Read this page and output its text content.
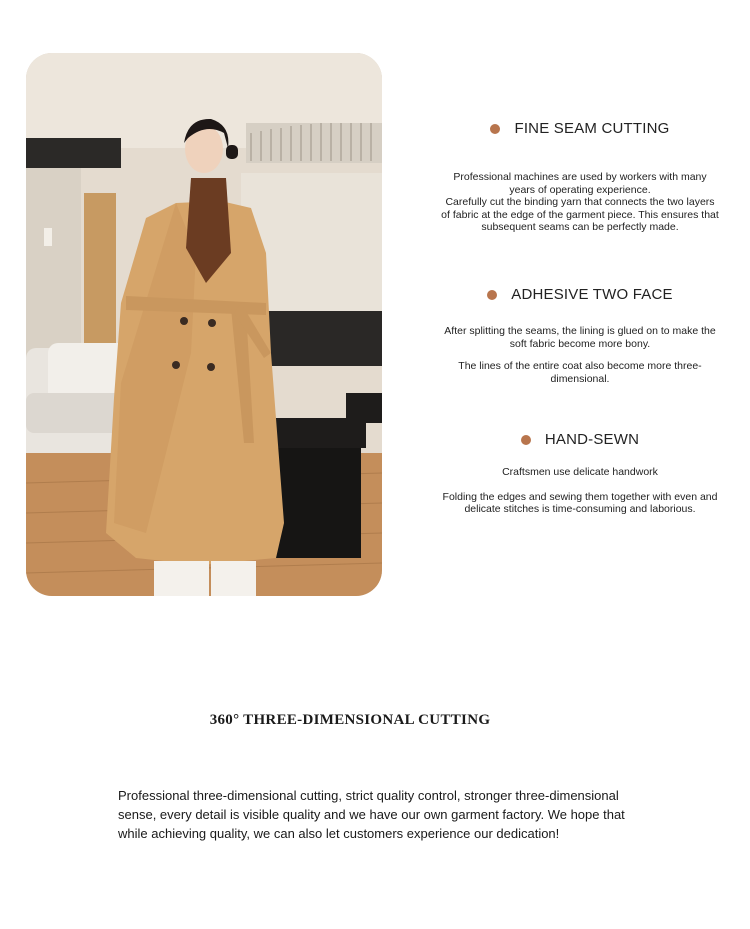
FINE SEAM CUTTING

Professional machines are used by workers with many years of operating experience.

Carefully cut the binding yarn that connects the two layers of fabric at the edge of the garment piece. This ensures that subsequent seams can be perfectly made.

ADHESIVE TWO FACE

After splitting the seams, the lining is glued on to make the soft fabric become more bony.

The lines of the entire coat also become more three-dimensional.

HAND-SEWN

Craftsmen use delicate handwork

Folding the edges and sewing them together with even and delicate stitches is time-consuming and laborious.

360° THREE-DIMENSIONAL CUTTING

Professional three-dimensional cutting, strict quality control, stronger three-dimensional sense, every detail is visible quality and we have our own garment factory. We hope that while achieving quality, we can also let customers experience our dedication!
